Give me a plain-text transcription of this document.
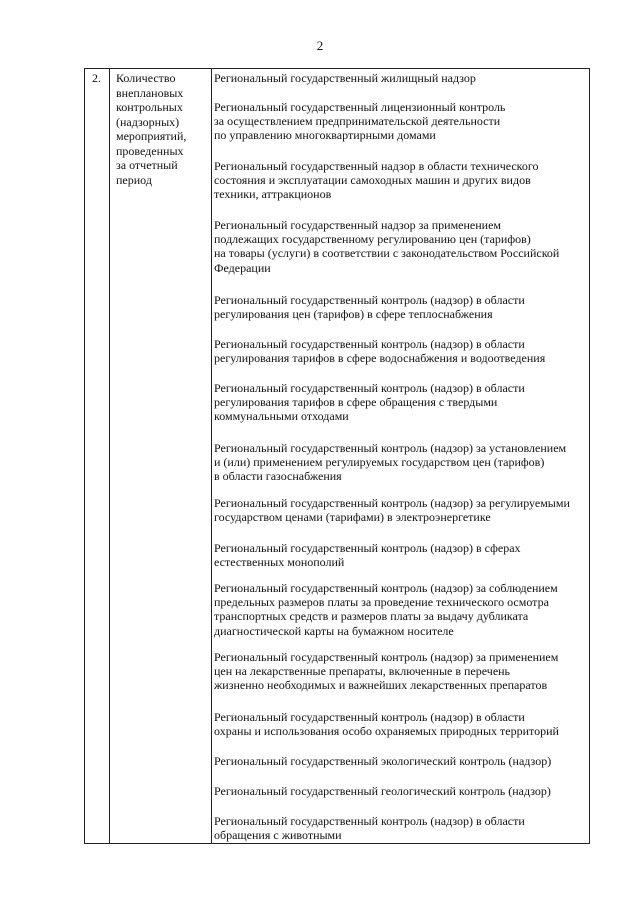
2
2. Количество
внеплановых
контрольных
(надзорных)
мероприятий,
проведенных
за отчетный
период
Региональный государственный жилищный надзор
Региональный государственный лицензионный контроль
за осуществлением предпринимательской деятельности
по управлению многоквартирными домами
Региональный государственный надзор в области технического
состояния и эксплуатации самоходных машин и других видов
техники, аттракционов
Региональный государственный надзор за применением
подлежащих государственному регулированию цен (тарифов)
на товары (услуги) в соответствии с законодательством Российской
Федерации
Региональный государственный контроль (надзор) в области
регулирования цен (тарифов) в сфере теплоснабжения
Региональный государственный контроль (надзор) в области
регулирования тарифов в сфере водоснабжения и водоотведения
Региональный государственный контроль (надзор) в области
регулирования тарифов в сфере обращения с твердыми
коммунальными отходами
Региональный государственный контроль (надзор) за установлением
и (или) применением регулируемых государством цен (тарифов)
в области газоснабжения
Региональный государственный контроль (надзор) за регулируемыми
государством ценами (тарифами) в электроэнергетике
Региональный государственный контроль (надзор) в сферах
естественных монополий
Региональный государственный контроль (надзор) за соблюдением
предельных размеров платы за проведение технического осмотра
транспортных средств и размеров платы за выдачу дубликата
диагностической карты на бумажном носителе
Региональный государственный контроль (надзор) за применением
цен на лекарственные препараты, включенные в перечень
жизненно необходимых и важнейших лекарственных препаратов
Региональный государственный контроль (надзор) в области
охраны и использования особо охраняемых природных территорий
Региональный государственный экологический контроль (надзор)
Региональный государственный геологический контроль (надзор)
Региональный государственный контроль (надзор) в области
обращения с животными
